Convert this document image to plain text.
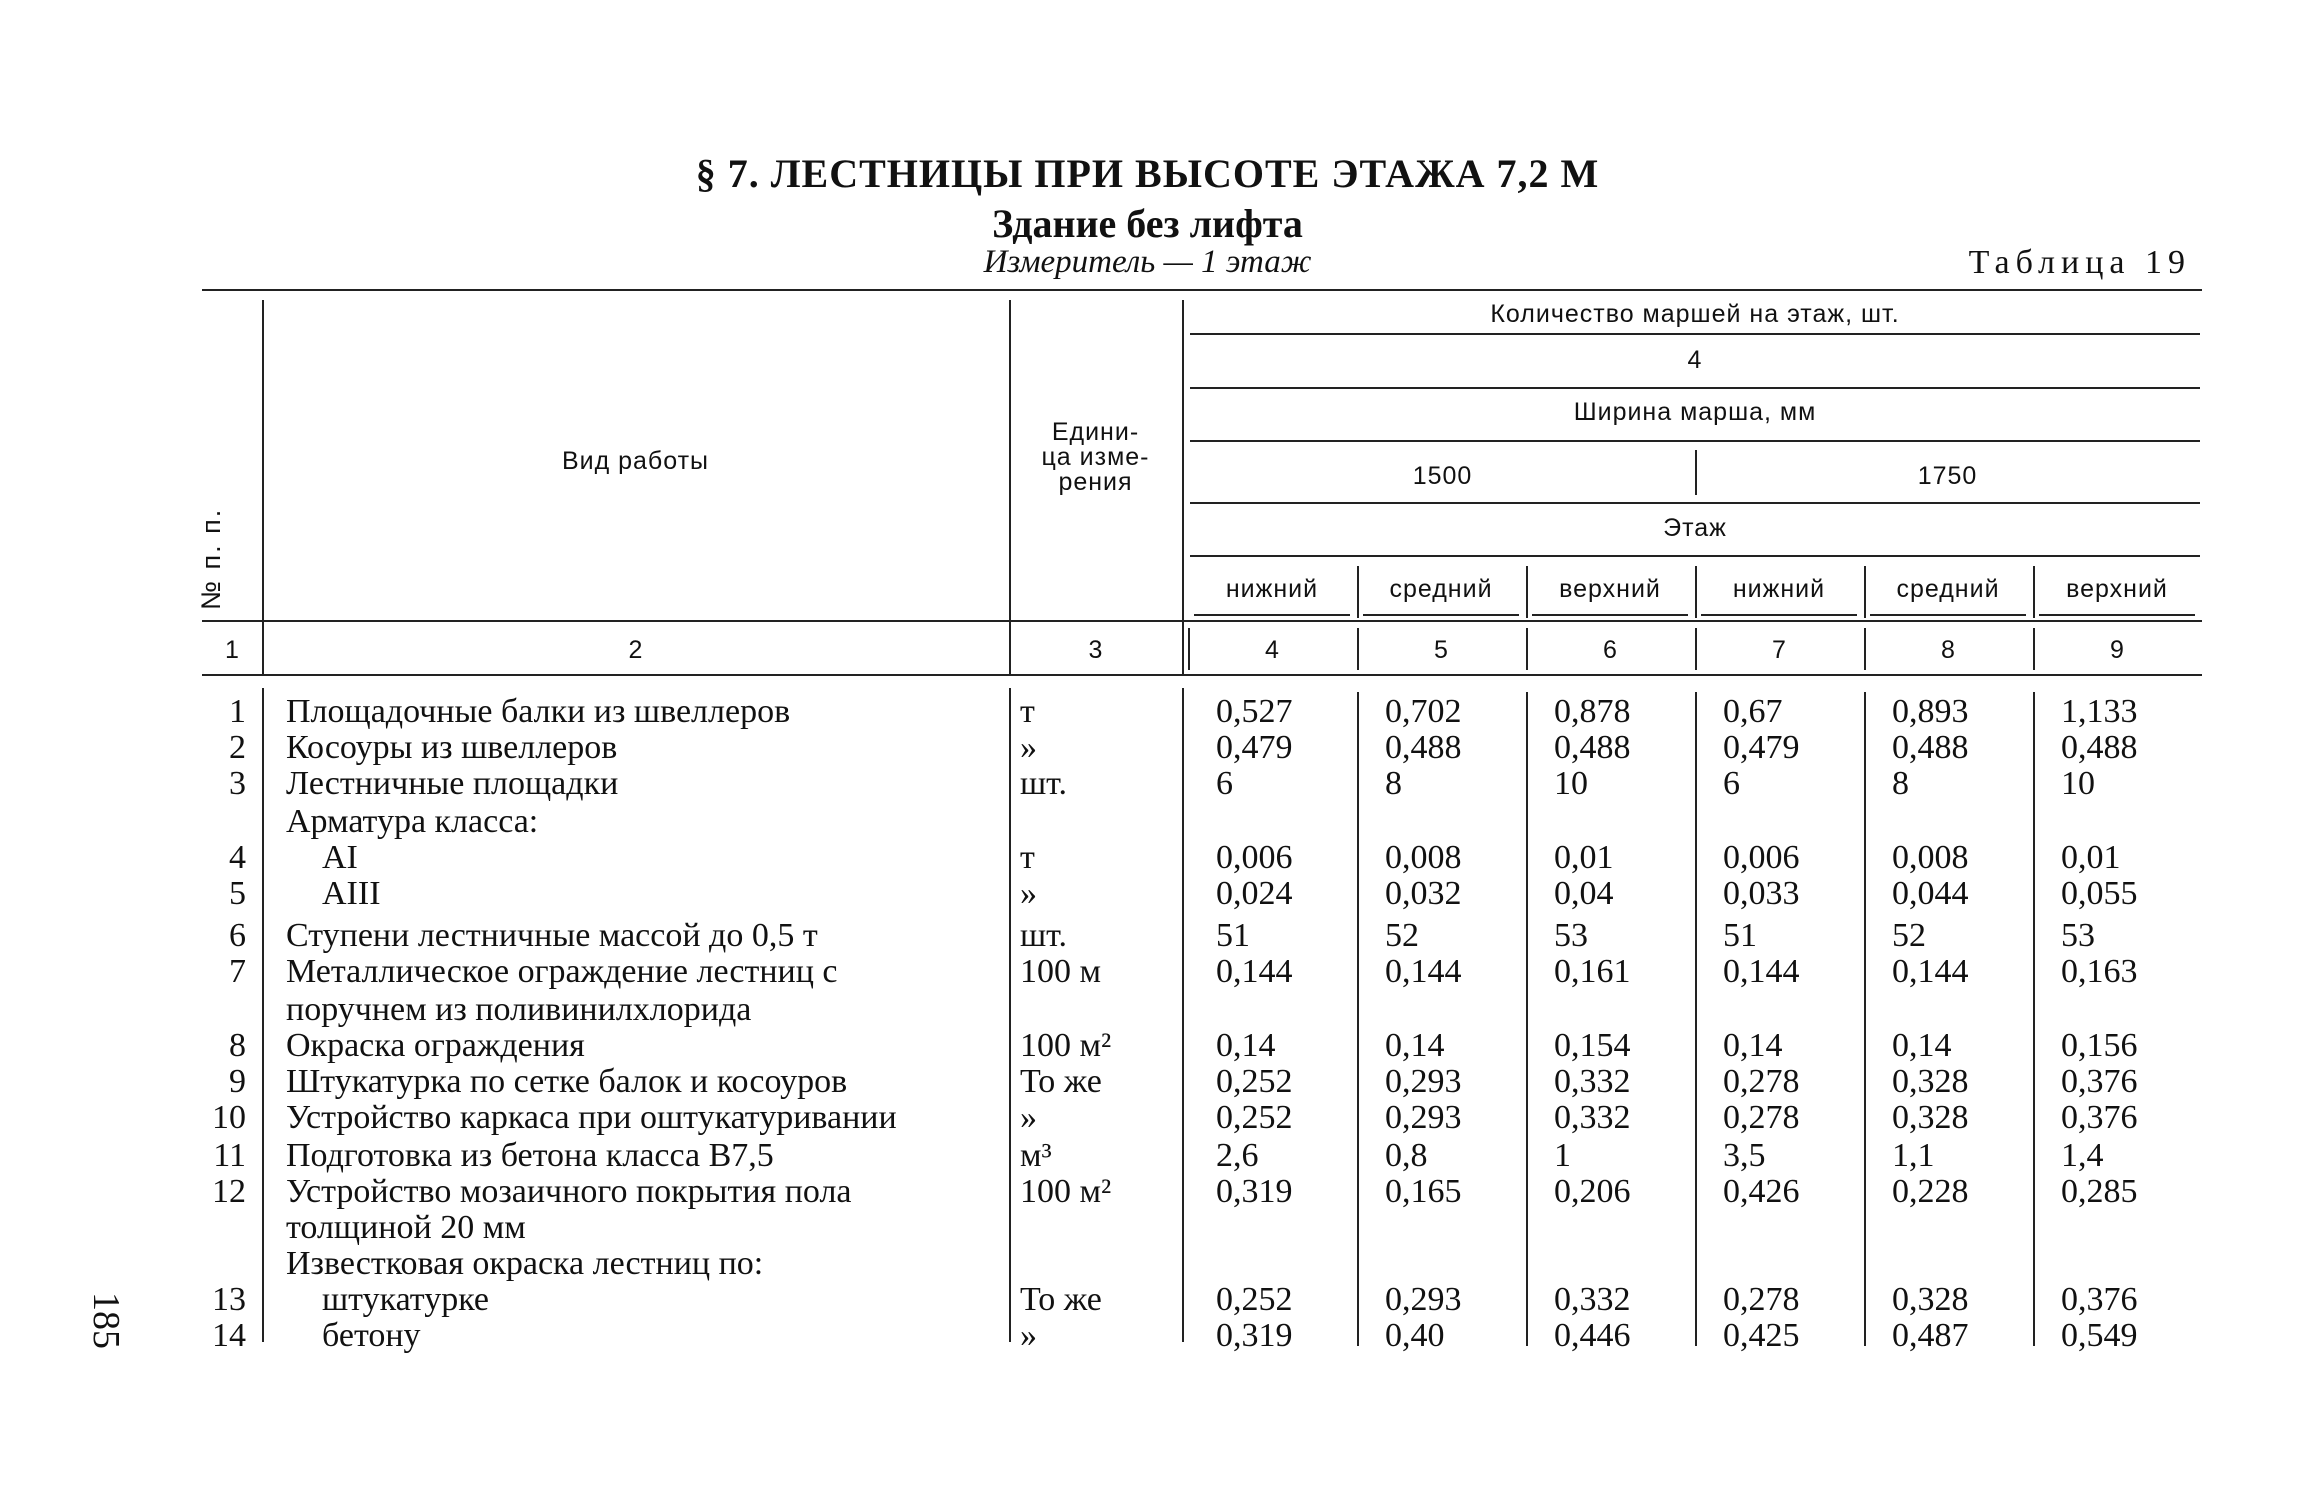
§ 7. ЛЕСТНИЦЫ ПРИ ВЫСОТЕ ЭТАЖА 7,2 М
Здание без лифта
Измеритель — 1 этаж	Таблица 19
185
№ п. п.
Вид работы
Едини-
ца изме-
рения
Количество маршей на этаж, шт.
4
Ширина марша, мм
1500	1750
Этаж
нижний	средний	верхний	нижний	средний	верхний
1	2	3	4	5	6	7	8	9
1 Площадочные балки из швеллеров	т	0,527	0,702	0,878	0,67	0,893	1,133
2 Косоуры из швеллеров	»	0,479	0,488	0,488	0,479	0,488	0,488
3 Лестничные площадки	шт.	6	8	10	6	8	10
Арматура класса:
4 AI	т	0,006	0,008	0,01	0,006	0,008	0,01
5 AIII	»	0,024	0,032	0,04	0,033	0,044	0,055
6 Ступени лестничные массой до 0,5 т	шт.	51	52	53	51	52	53
7 Металлическое ограждение лестниц с	100 м	0,144	0,144	0,161	0,144	0,144	0,163
поручнем из поливинилхлорида
8 Окраска ограждения	100 м²	0,14	0,14	0,154	0,14	0,14	0,156
9 Штукатурка по сетке балок и косоуров	То же	0,252	0,293	0,332	0,278	0,328	0,376
10 Устройство каркаса при оштукатуривании	»	0,252	0,293	0,332	0,278	0,328	0,376
11 Подготовка из бетона класса В7,5	м³	2,6	0,8	1	3,5	1,1	1,4
12 Устройство мозаичного покрытия пола	100 м²	0,319	0,165	0,206	0,426	0,228	0,285
толщиной 20 мм
Известковая окраска лестниц по:
13 штукатурке	То же	0,252	0,293	0,332	0,278	0,328	0,376
14 бетону	»	0,319	0,40	0,446	0,425	0,487	0,549
